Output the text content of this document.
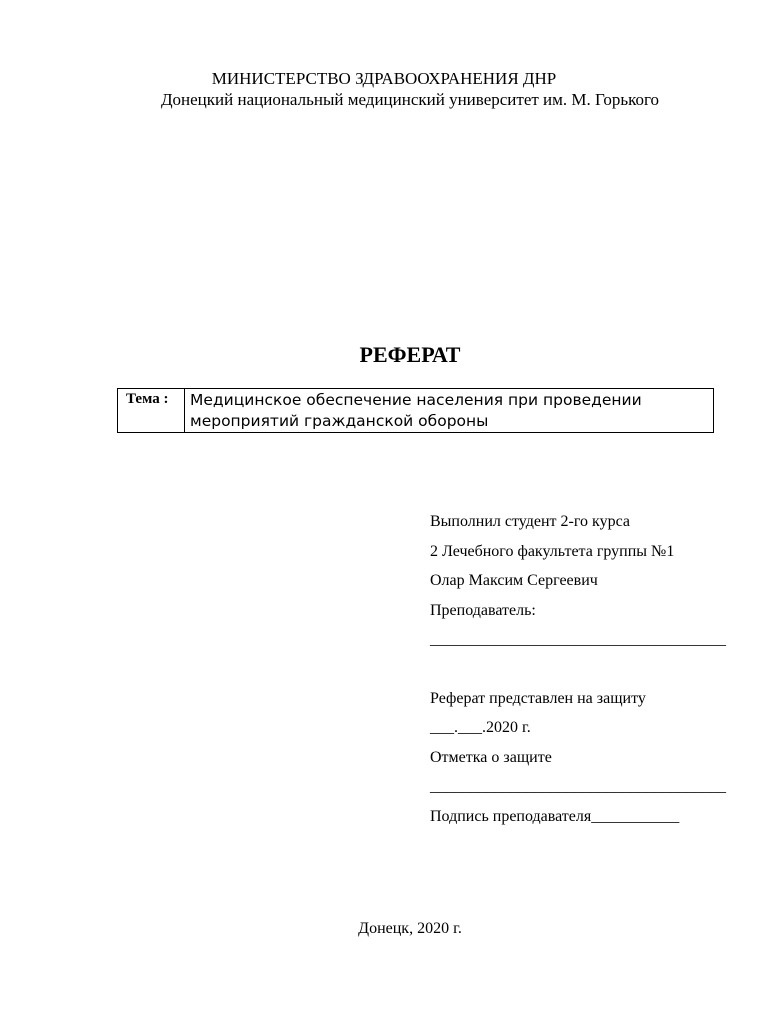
МИНИСТЕРСТВО ЗДРАВООХРАНЕНИЯ ДНР
Донецкий национальный медицинский университет им. М. Горького
РЕФЕРАТ
Тема :	Медицинское обеспечение населения при проведении
мероприятий гражданской обороны
Выполнил студент 2-го курса
2 Лечебного факультета группы №1
Олар Максим Сергеевич
Преподаватель:
_____________________________________
Реферат представлен на защиту
___.___.2020 г.
Отметка о защите
_____________________________________
Подпись преподавателя___________
Донецк, 2020 г.
